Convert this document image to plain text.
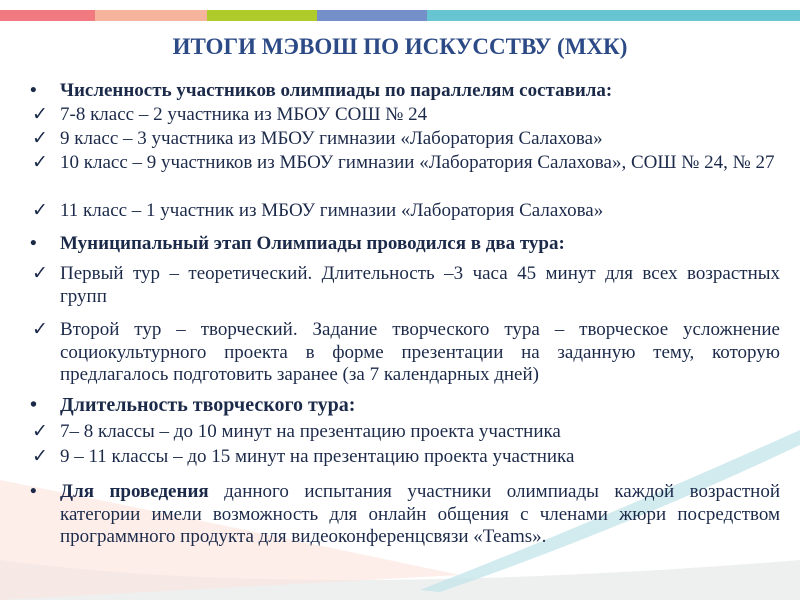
ИТОГИ МЭВОШ ПО ИСКУССТВУ (МХК)
•	Численность участников олимпиады по параллелям составила:
✓ 7-8 класс – 2 участника из МБОУ СОШ № 24
✓ 9 класс – 3 участника из МБОУ гимназии «Лаборатория Салахова»
✓ 10 класс – 9 участников из МБОУ гимназии «Лаборатория Салахова», СОШ № 24, № 27
✓ 11 класс – 1 участник из МБОУ гимназии «Лаборатория Салахова»
•	Муниципальный этап Олимпиады проводился в два тура:
✓ Первый тур – теоретический. Длительность –3 часа 45 минут для всех возрастных групп
✓ Второй тур – творческий. Задание творческого тура – творческое усложнение социокультурного проекта в форме презентации на заданную тему, которую предлагалось подготовить заранее (за 7 календарных дней)
•	Длительность творческого тура:
✓ 7– 8 классы – до 10 минут на презентацию проекта участника
✓ 9 – 11 классы – до 15 минут на презентацию проекта участника
•	Для проведения данного испытания участники олимпиады каждой возрастной категории имели возможность для онлайн общения с членами жюри посредством программного продукта для видеоконференцсвязи «Teams».
